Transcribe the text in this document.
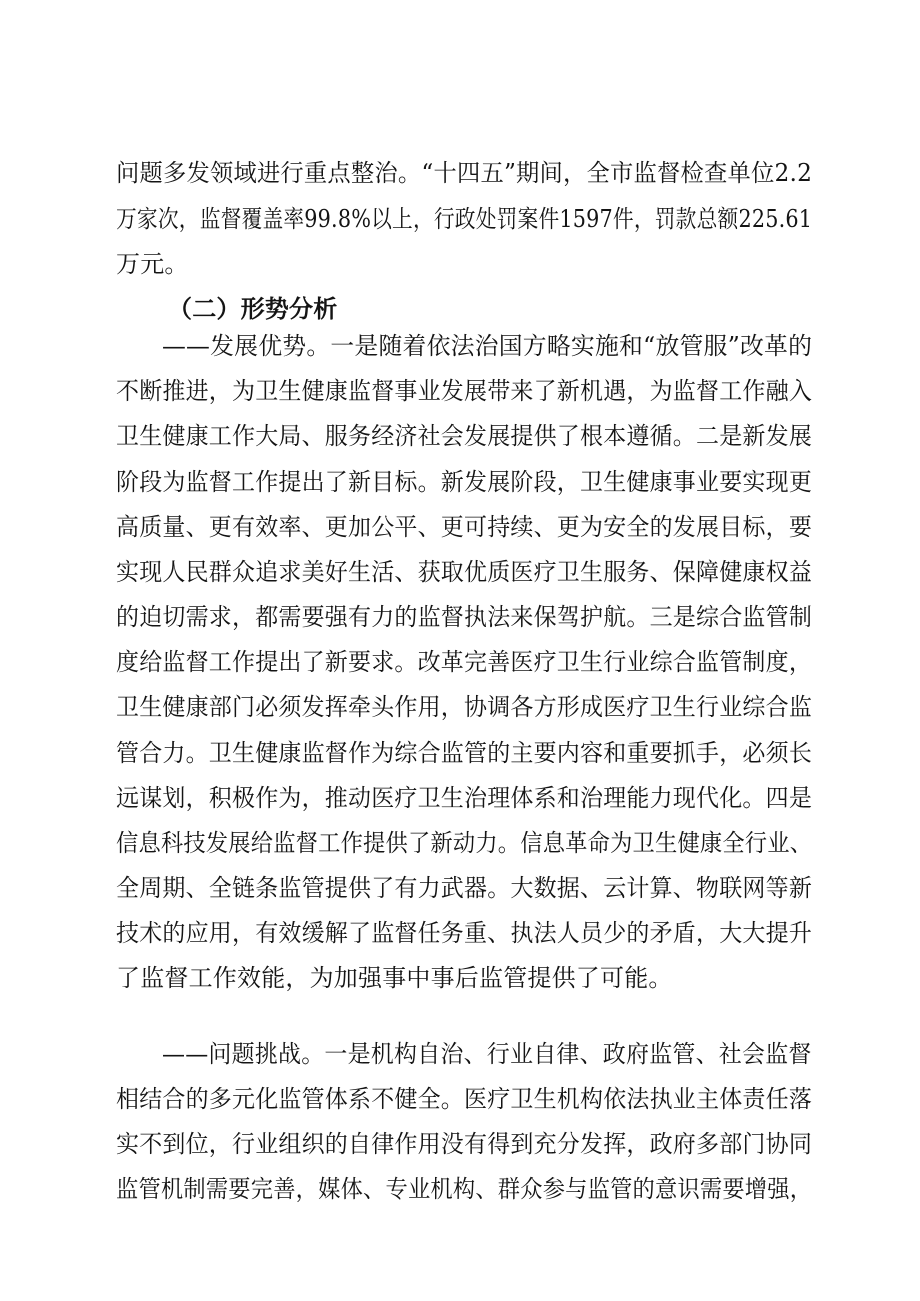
问题多发领域进行重点整治。“十四五”期间，全市监督检查单位2.2
万家次，监督覆盖率99.8%以上，行政处罚案件1597件，罚款总额225.61
万元。
（二）形势分析
——发展优势。一是随着依法治国方略实施和“放管服”改革的
不断推进，为卫生健康监督事业发展带来了新机遇，为监督工作融入
卫生健康工作大局、服务经济社会发展提供了根本遵循。二是新发展
阶段为监督工作提出了新目标。新发展阶段，卫生健康事业要实现更
高质量、更有效率、更加公平、更可持续、更为安全的发展目标，要
实现人民群众追求美好生活、获取优质医疗卫生服务、保障健康权益
的迫切需求，都需要强有力的监督执法来保驾护航。三是综合监管制
度给监督工作提出了新要求。改革完善医疗卫生行业综合监管制度，
卫生健康部门必须发挥牵头作用，协调各方形成医疗卫生行业综合监
管合力。卫生健康监督作为综合监管的主要内容和重要抓手，必须长
远谋划，积极作为，推动医疗卫生治理体系和治理能力现代化。四是
信息科技发展给监督工作提供了新动力。信息革命为卫生健康全行业、
全周期、全链条监管提供了有力武器。大数据、云计算、物联网等新
技术的应用，有效缓解了监督任务重、执法人员少的矛盾，大大提升
了监督工作效能，为加强事中事后监管提供了可能。
——问题挑战。一是机构自治、行业自律、政府监管、社会监督
相结合的多元化监管体系不健全。医疗卫生机构依法执业主体责任落
实不到位，行业组织的自律作用没有得到充分发挥，政府多部门协同
监管机制需要完善，媒体、专业机构、群众参与监管的意识需要增强，
